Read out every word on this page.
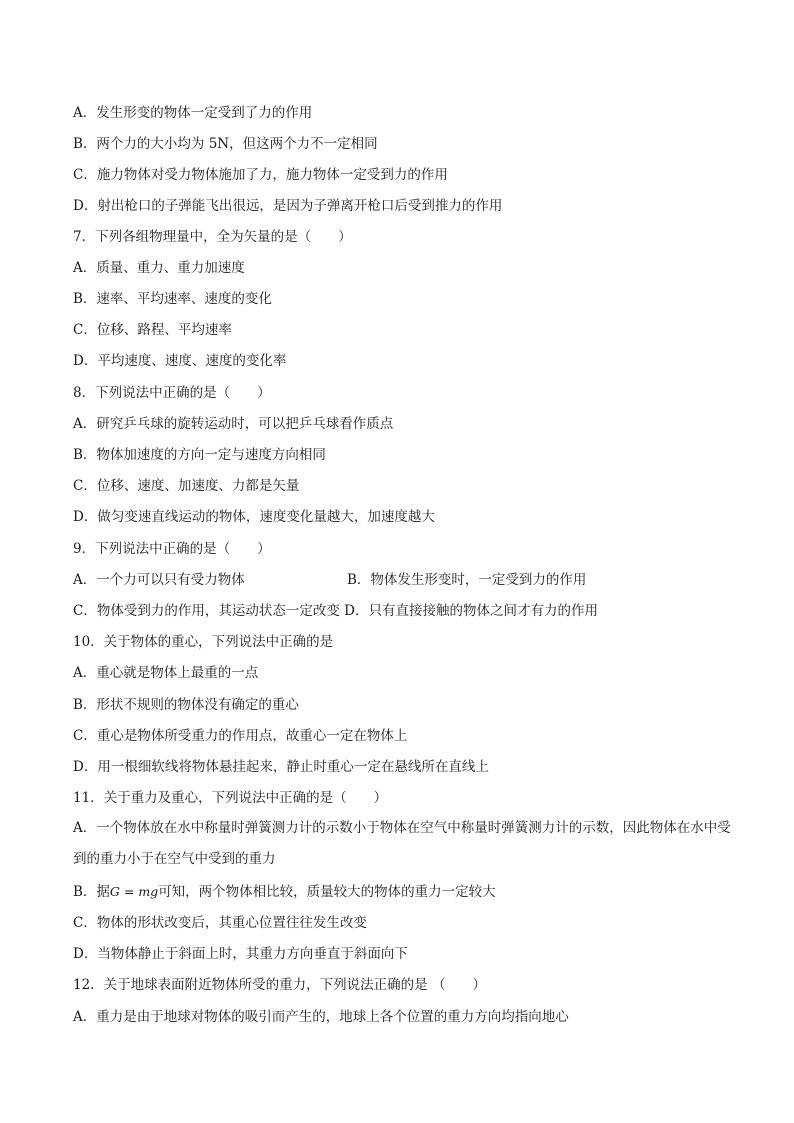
A．发生形变的物体一定受到了力的作用
B．两个力的大小均为 5N，但这两个力不一定相同
C．施力物体对受力物体施加了力，施力物体一定受到力的作用
D．射出枪口的子弹能飞出很远，是因为子弹离开枪口后受到推力的作用
7．下列各组物理量中，全为矢量的是（　　）
A．质量、重力、重力加速度
B．速率、平均速率、速度的变化
C．位移、路程、平均速率
D．平均速度、速度、速度的变化率
8．下列说法中正确的是（　　）
A．研究乒乓球的旋转运动时，可以把乒乓球看作质点
B．物体加速度的方向一定与速度方向相同
C．位移、速度、加速度、力都是矢量
D．做匀变速直线运动的物体，速度变化量越大，加速度越大
9．下列说法中正确的是（　　）
A．一个力可以只有受力物体	B．物体发生形变时，一定受到力的作用
C．物体受到力的作用，其运动状态一定改变 D．只有直接接触的物体之间才有力的作用
10．关于物体的重心，下列说法中正确的是
A．重心就是物体上最重的一点
B．形状不规则的物体没有确定的重心
C．重心是物体所受重力的作用点，故重心一定在物体上
D．用一根细软线将物体悬挂起来，静止时重心一定在悬线所在直线上
11．关于重力及重心，下列说法中正确的是（　　）
A．一个物体放在水中称量时弹簧测力计的示数小于物体在空气中称量时弹簧测力计的示数，因此物体在水中受到的重力小于在空气中受到的重力
B．据G = mg可知，两个物体相比较，质量较大的物体的重力一定较大
C．物体的形状改变后，其重心位置往往发生改变
D．当物体静止于斜面上时，其重力方向垂直于斜面向下
12．关于地球表面附近物体所受的重力，下列说法正确的是 （　　）
A．重力是由于地球对物体的吸引而产生的，地球上各个位置的重力方向均指向地心
